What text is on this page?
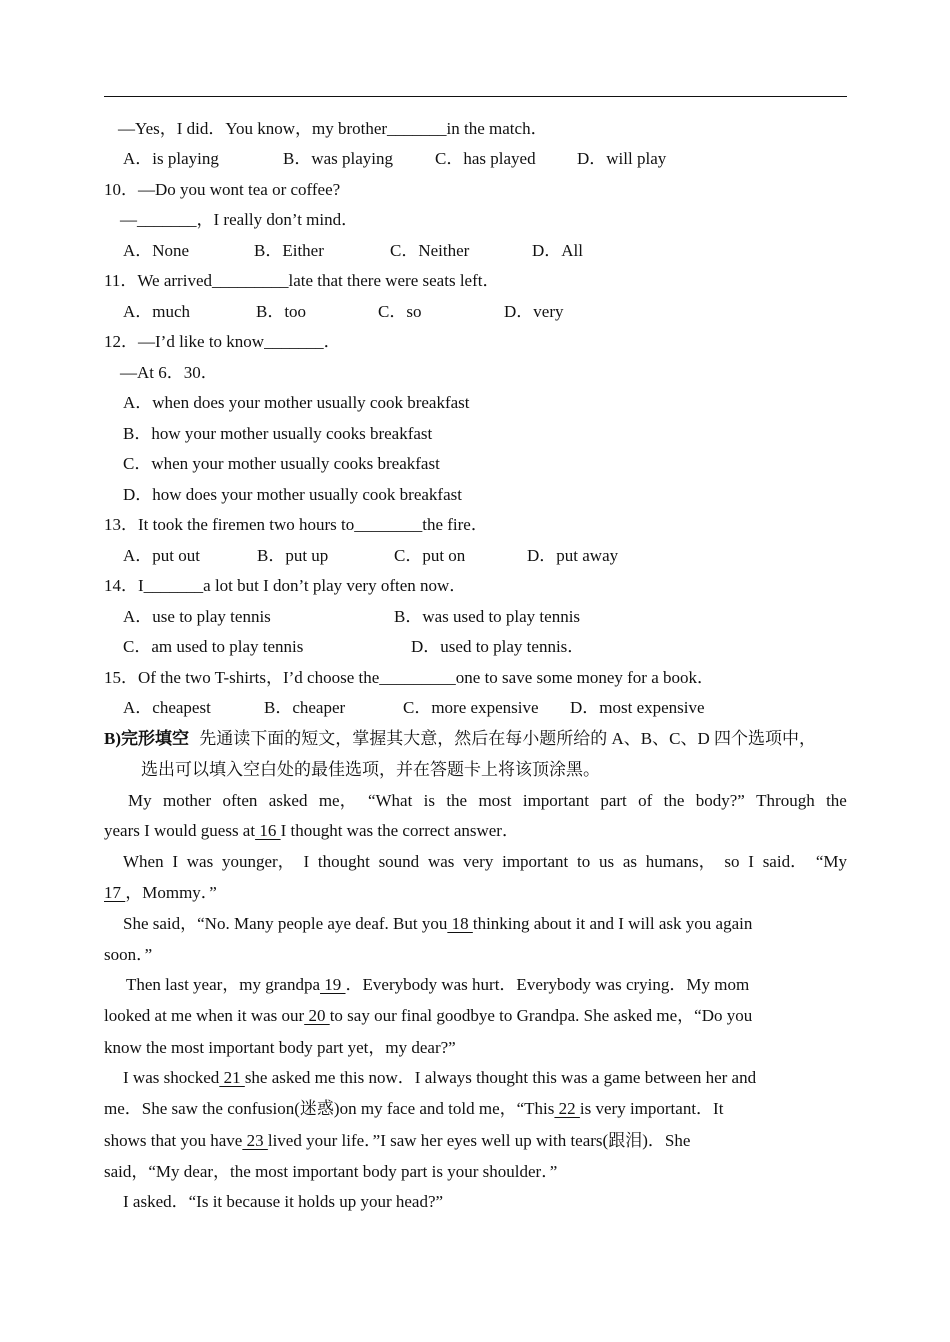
—Yes，I did．You know，my brother_______in the match．
A．is playing	B．was playing C．has played D．will play
10．—Do you wont tea or coffee?
—_______，I really don’t mind．
A．None	B．Either	C．Neither	D．All
11．We arrived_________late that there were seats left．
A．much	B．too	C．so	D．very
12．—I’d like to know_______．
—At 6．30．
A．when does your mother usually cook breakfast
B．how your mother usually cooks breakfast
C．when your mother usually cooks breakfast
D．how does your mother usually cook breakfast
13．It took the firemen two hours to________the fire．
A．put out	B．put up	C．put on	D．put away
14．I_______a lot but I don’t play very often now．
A．use to play tennis	B．was used to play tennis
C．am used to play tennis	D．used to play tennis．
15．Of the two T-shirts，I’d choose the_________one to save some money for a book．
A．cheapest	B．cheaper	C．more expensive D．most expensive
B)完形填空 先通读下面的短文，掌握其大意，然后在每小题所给的 A、B、C、D 四个选项中，
选出可以填入空白处的最佳选项，并在答题卡上将该顶涂黑。
My mother often asked me， “What is the most important part of the body?” Through the
years I would guess at 16 I thought was the correct answer．
When I was younger， I thought sound was very important to us as humans， so I said． “My
17 ，Mommy．”
She said，“No. Many people aye deaf. But you 18 thinking about it and I will ask you again
soon．”
Then last year，my grandpa 19 ．Everybody was hurt．Everybody was crying．My mom
looked at me when it was our 20 to say our final goodbye to Grandpa. She asked me，“Do you
know the most important body part yet，my dear?”
I was shocked 21 she asked me this now．I always thought this was a game between her and
me．She saw the confusion(迷惑)on my face and told me，“This 22 is very important．It
shows that you have 23 lived your life．”I saw her eyes well up with tears(跟泪)．She
said，“My dear，the most important body part is your shoulder．”
I asked．“Is it because it holds up your head?”
